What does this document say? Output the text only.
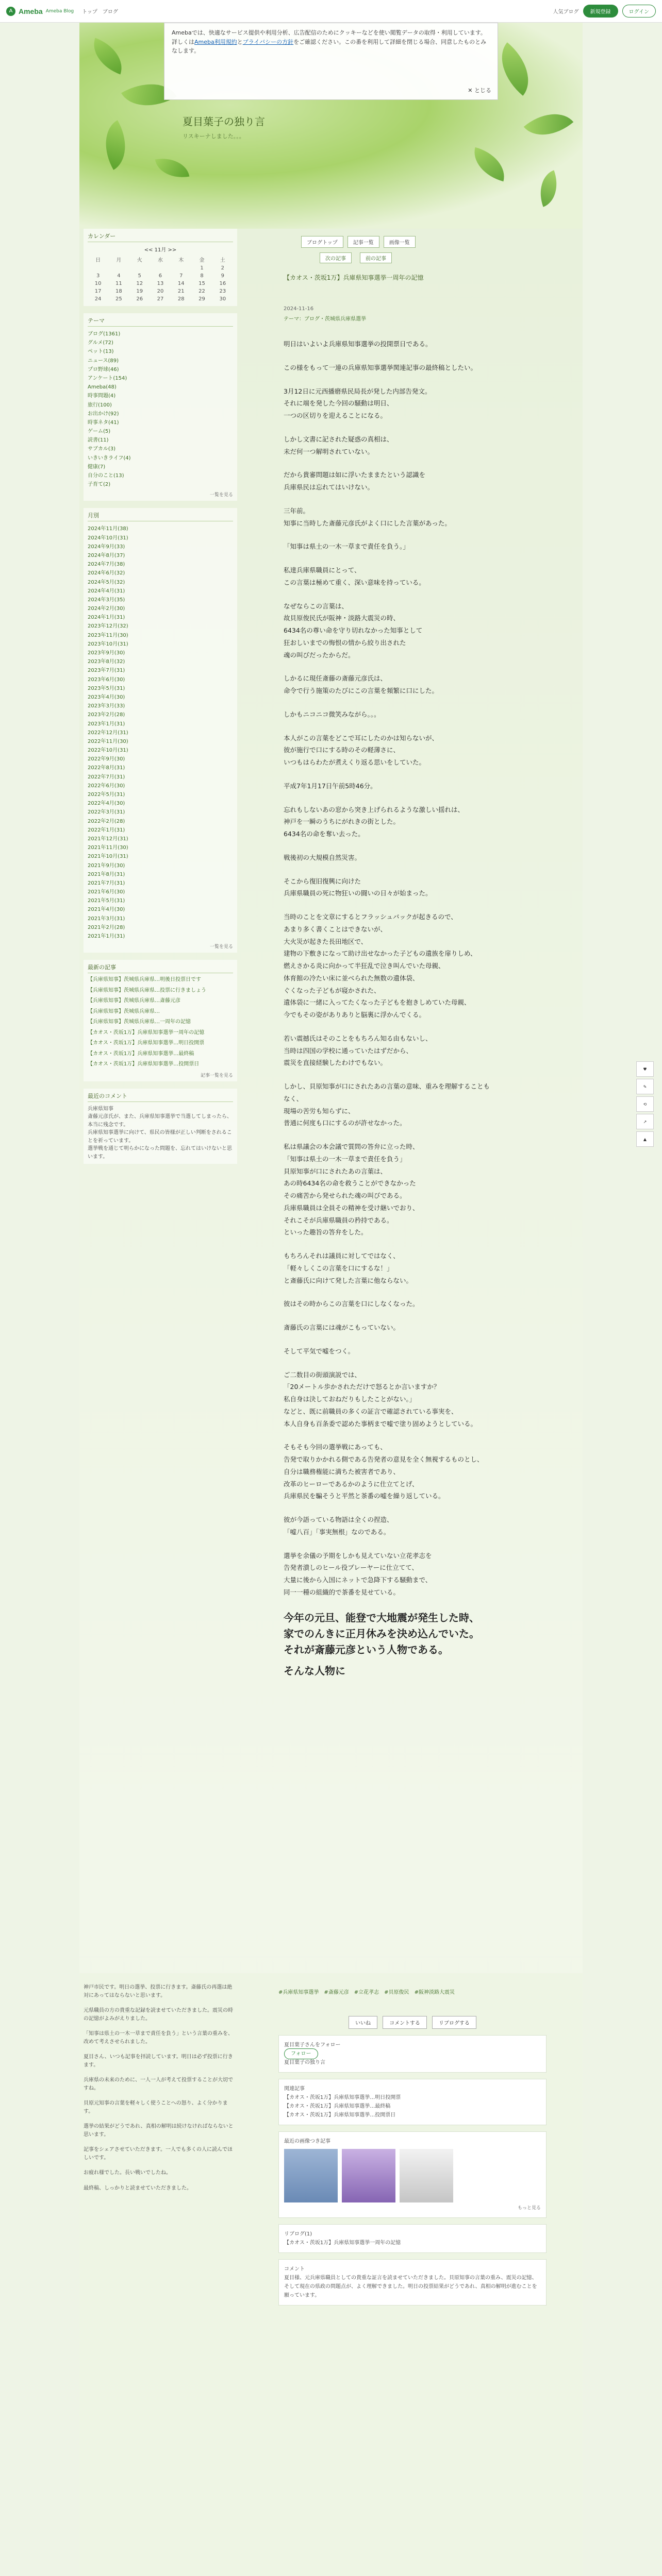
A Ameba Ameba Blog トップ ブログ	人気ブログ	新規登録	ログイン
Amebaでは、快適なサービス提供や利用分析、広告配信のためにクッキーなどを使い閲覧データの取得・利用しています。詳しくはAmeba利用規約とプライバシーの方針をご確認ください。この番を利用して詳細を閉じる場合、同意したものとみなします。
✕ とじる
夏目葉子の独り言
リスキーナしました。。。
ブログトップ	記事一覧	画像一覧
カレンダー
<< 11月 >>
日	月	火	水	木	金	土
					1	2
3	4	5	6	7	8	9
10	11	12	13	14	15	16
17	18	19	20	21	22	23
24	25	26	27	28	29	30
テーマ
ブログ(1361)
グルメ(72)
ペット(13)
ニュース(89)
プロ野球(46)
アンケート(154)
Ameba(48)
時事問題(4)
旅行(100)
お出かけ(92)
時事ネタ(41)
ゲーム(5)
読書(11)
サブカル(3)
いきいきライフ(4)
健康(7)
自分のこと(13)
子育て(2)
一覧を見る
月別
2024年11月(38)
2024年10月(31)
2024年9月(33)
2024年8月(37)
2024年7月(38)
2024年6月(32)
2024年5月(32)
2024年4月(31)
2024年3月(35)
2024年2月(30)
2024年1月(31)
2023年12月(32)
2023年11月(30)
2023年10月(31)
2023年9月(30)
2023年8月(32)
2023年7月(31)
2023年6月(30)
2023年5月(31)
2023年4月(30)
2023年3月(33)
2023年2月(28)
2023年1月(31)
2022年12月(31)
2022年11月(30)
2022年10月(31)
2022年9月(30)
2022年8月(31)
2022年7月(31)
2022年6月(30)
2022年5月(31)
2022年4月(30)
2022年3月(31)
2022年2月(28)
2022年1月(31)
2021年12月(31)
2021年11月(30)
2021年10月(31)
2021年9月(30)
2021年8月(31)
2021年7月(31)
2021年6月(30)
2021年5月(31)
2021年4月(30)
2021年3月(31)
2021年2月(28)
2021年1月(31)
一覧を見る
最新の記事
【兵庫県知事】茨城県兵庫県…明後日投票日です
【兵庫県知事】茨城県兵庫県…投票に行きましょう
【兵庫県知事】茨城県兵庫県…斎藤元彦
【兵庫県知事】茨城県兵庫県…
【兵庫県知事】茨城県兵庫県…一周年の記憶
【カオス・茨坂1万】兵庫県知事選挙一周年の記憶
【カオス・茨坂1万】兵庫県知事選挙…明日投開票
【カオス・茨坂1万】兵庫県知事選挙…最終稿
【カオス・茨坂1万】兵庫県知事選挙…投開票日
記事一覧を見る
最近のコメント
兵庫県知事
斎藤元彦氏が、また、兵庫県知事選挙で当選してしまったら、本当に残念です。
兵庫県知事選挙に向けて、県民の皆様が正しい判断をされることを祈っています。
選挙戦を通じて明らかになった問題を、忘れてはいけないと思います。
次の記事	前の記事
【カオス・茨坂1万】兵庫県知事選挙一周年の記憶
2024-11-16
テーマ：ブログ・茨城県兵庫県選挙

明日はいよいよ兵庫県知事選挙の投開票日である。

この様をもって一連の兵庫県知事選挙関連記事の最終稿としたい。

3月12日に元西播磨県民局長が発した内部告発文。
それに端を発した今回の騒動は明日、
一つの区切りを迎えることになる。

しかし文書に記された疑惑の真相は、
未だ何一つ解明されていない。

だから貴審問題は如に浮いたままたという認識を
兵庫県民は忘れてはいけない。

三年前。
知事に当時した斎藤元彦氏がよく口にした言葉があった。

「知事は県土の一木一草まで責任を負う。」

私達兵庫県職員にとって、
この言葉は極めて重く、深い意味を持っている。

なぜならこの言葉は、
故貝原俊民氏が阪神・淡路大震災の時、
6434名の尊い命を守り切れなかった知事として
狂おしいまでの悔恨の情から絞り出された
魂の叫びだったからだ。

しかるに現任斎藤の斎藤元彦氏は、
命令で行う施策のたびにこの言葉を頻繁に口にした。

しかもニコニコ微笑みながら。。。

本人がこの言葉をどこで耳にしたのかは知らないが、
彼が施行で口にする時のその軽薄さに、
いつもはらわたが煮えくり返る思いをしていた。

平成7年1月17日午前5時46分。

忘れもしないあの窓から突き上げられるような激しい揺れは、
神戸を一瞬のうちにがれきの街とした。
6434名の命を奪い去った。

戦後初の大規模自然災害。

そこから復旧復興に向けた
兵庫県職員の死に物狂いの闘いの日々が始まった。

当時のことを文章にするとフラッシュバックが起きるので、
あまり多く書くことはできないが、
大火災が起きた長田地区で、
建物の下敷きになって助け出せなかった子どもの遺族を扉りしめ、
燃えさかる炎に向かって半狂乱で泣き叫んでいた母親、
体育館の冷たい床に並べられた無数の遺体袋、
ぐくなった子どもが寝かされた、
遺体袋に一緒に入ってたくなった子どもを抱きしめていた母親、
今でもその姿がありありと脳裏に浮かんでくる。

若い震撼氏はそのことをもちろん知る由もないし、
当時は四国の学校に通っていたはずだから、
震災を直接経験したわけでもない。

しかし、貝原知事が口にされたあの言葉の意味、重みを理解することもなく、
現場の苦労も知らずに、
普通に何度も口にするのが許せなかった。

私は県議会の本会議で質問の答弁に立った時、
「知事は県土の一木一草まで責任を負う」
貝原知事が口にされたあの言葉は、
あの時6434名の命を救うことができなかった
その痛苦から発せられた魂の叫びである。
兵庫県職員は全員その精神を受け継いでおり、
それこそが兵庫県職員の矜持である。
といった趣旨の答弁をした。

もちろんそれは議員に対してではなく、
「軽々しくこの言葉を口にするな！」
と斎藤氏に向けて発した言葉に他ならない。

彼はその時からこの言葉を口にしなくなった。

斎藤氏の言葉には魂がこもっていない。

そして平気で嘘をつく。

ご二数目の街頭演説では、
「20メートル歩かされただけで怒るとか言いますか？
私自身は決しておねだりもしたことがない。」
などと、既に前職員の多くの証言で確認されている事実を、
本人自身も百条委で認めた事柄まで嘘で塗り固めようとしている。

そもそも今回の選挙戦にあっても、
告発で取りかかれる側である告発者の意見を全く無視するものとし、
自分は職務権能に満ちた被害者であり、
改革のヒーローであるかのように仕立てとげ、
兵庫県民を騙そうと平然と茶番の嘘を繰り返している。

彼が今語っている物語は全くの捏造、
「嘘八百」「事実無根」なのである。

選挙を余儀の予期をしかも見えていない立花孝志を
告発者潰しのヒール役プレーヤーに仕立てて、
大量に後から入国にネットで急降下する騒動まで、
同一一種の組織的で茶番を見せている。

今年の元旦、能登で大地震が発生した時、
家でのんきに正月休みを決め込んでいた。
それが斎藤元彦という人物である。

そんな人物に

♥
✎
⟲
↗
▲
神戸市民です。明日の選挙、投票に行きます。斎藤氏の再選は絶対にあってはならないと思います。
元県職員の方の貴重な記録を読ませていただきました。震災の時の記憶がよみがえりました。
「知事は県土の一木一草まで責任を負う」という言葉の重みを、改めて考えさせられました。
夏目さん、いつも記事を拝読しています。明日は必ず投票に行きます。
兵庫県の未来のために、一人一人が考えて投票することが大切ですね。
貝原元知事の言葉を軽々しく使うことへの怒り、よく分かります。
選挙の結果がどうであれ、真相の解明は続けなければならないと思います。
記事をシェアさせていただきます。一人でも多くの人に読んでほしいです。
お疲れ様でした。長い戦いでしたね。
最終稿、しっかりと読ませていただきました。
#兵庫県知事選挙 #斎藤元彦 #立花孝志 #貝原俊民 #阪神淡路大震災
いいね	コメントする	リブログする
夏目葉子さんをフォロー
フォロー
夏目葉子の独り言
関連記事
【カオス・茨坂1万】兵庫県知事選挙…明日投開票
【カオス・茨坂1万】兵庫県知事選挙…最終稿
【カオス・茨坂1万】兵庫県知事選挙…投開票日
最近の画像つき記事
もっと見る
リブログ(1)
【カオス・茨坂1万】兵庫県知事選挙一周年の記憶
コメント
夏目様、元兵庫県職員としての貴重な証言を読ませていただきました。貝原知事の言葉の重み、震災の記憶、そして現在の県政の問題点が、よく理解できました。明日の投票結果がどうであれ、真相の解明が進むことを願っています。
